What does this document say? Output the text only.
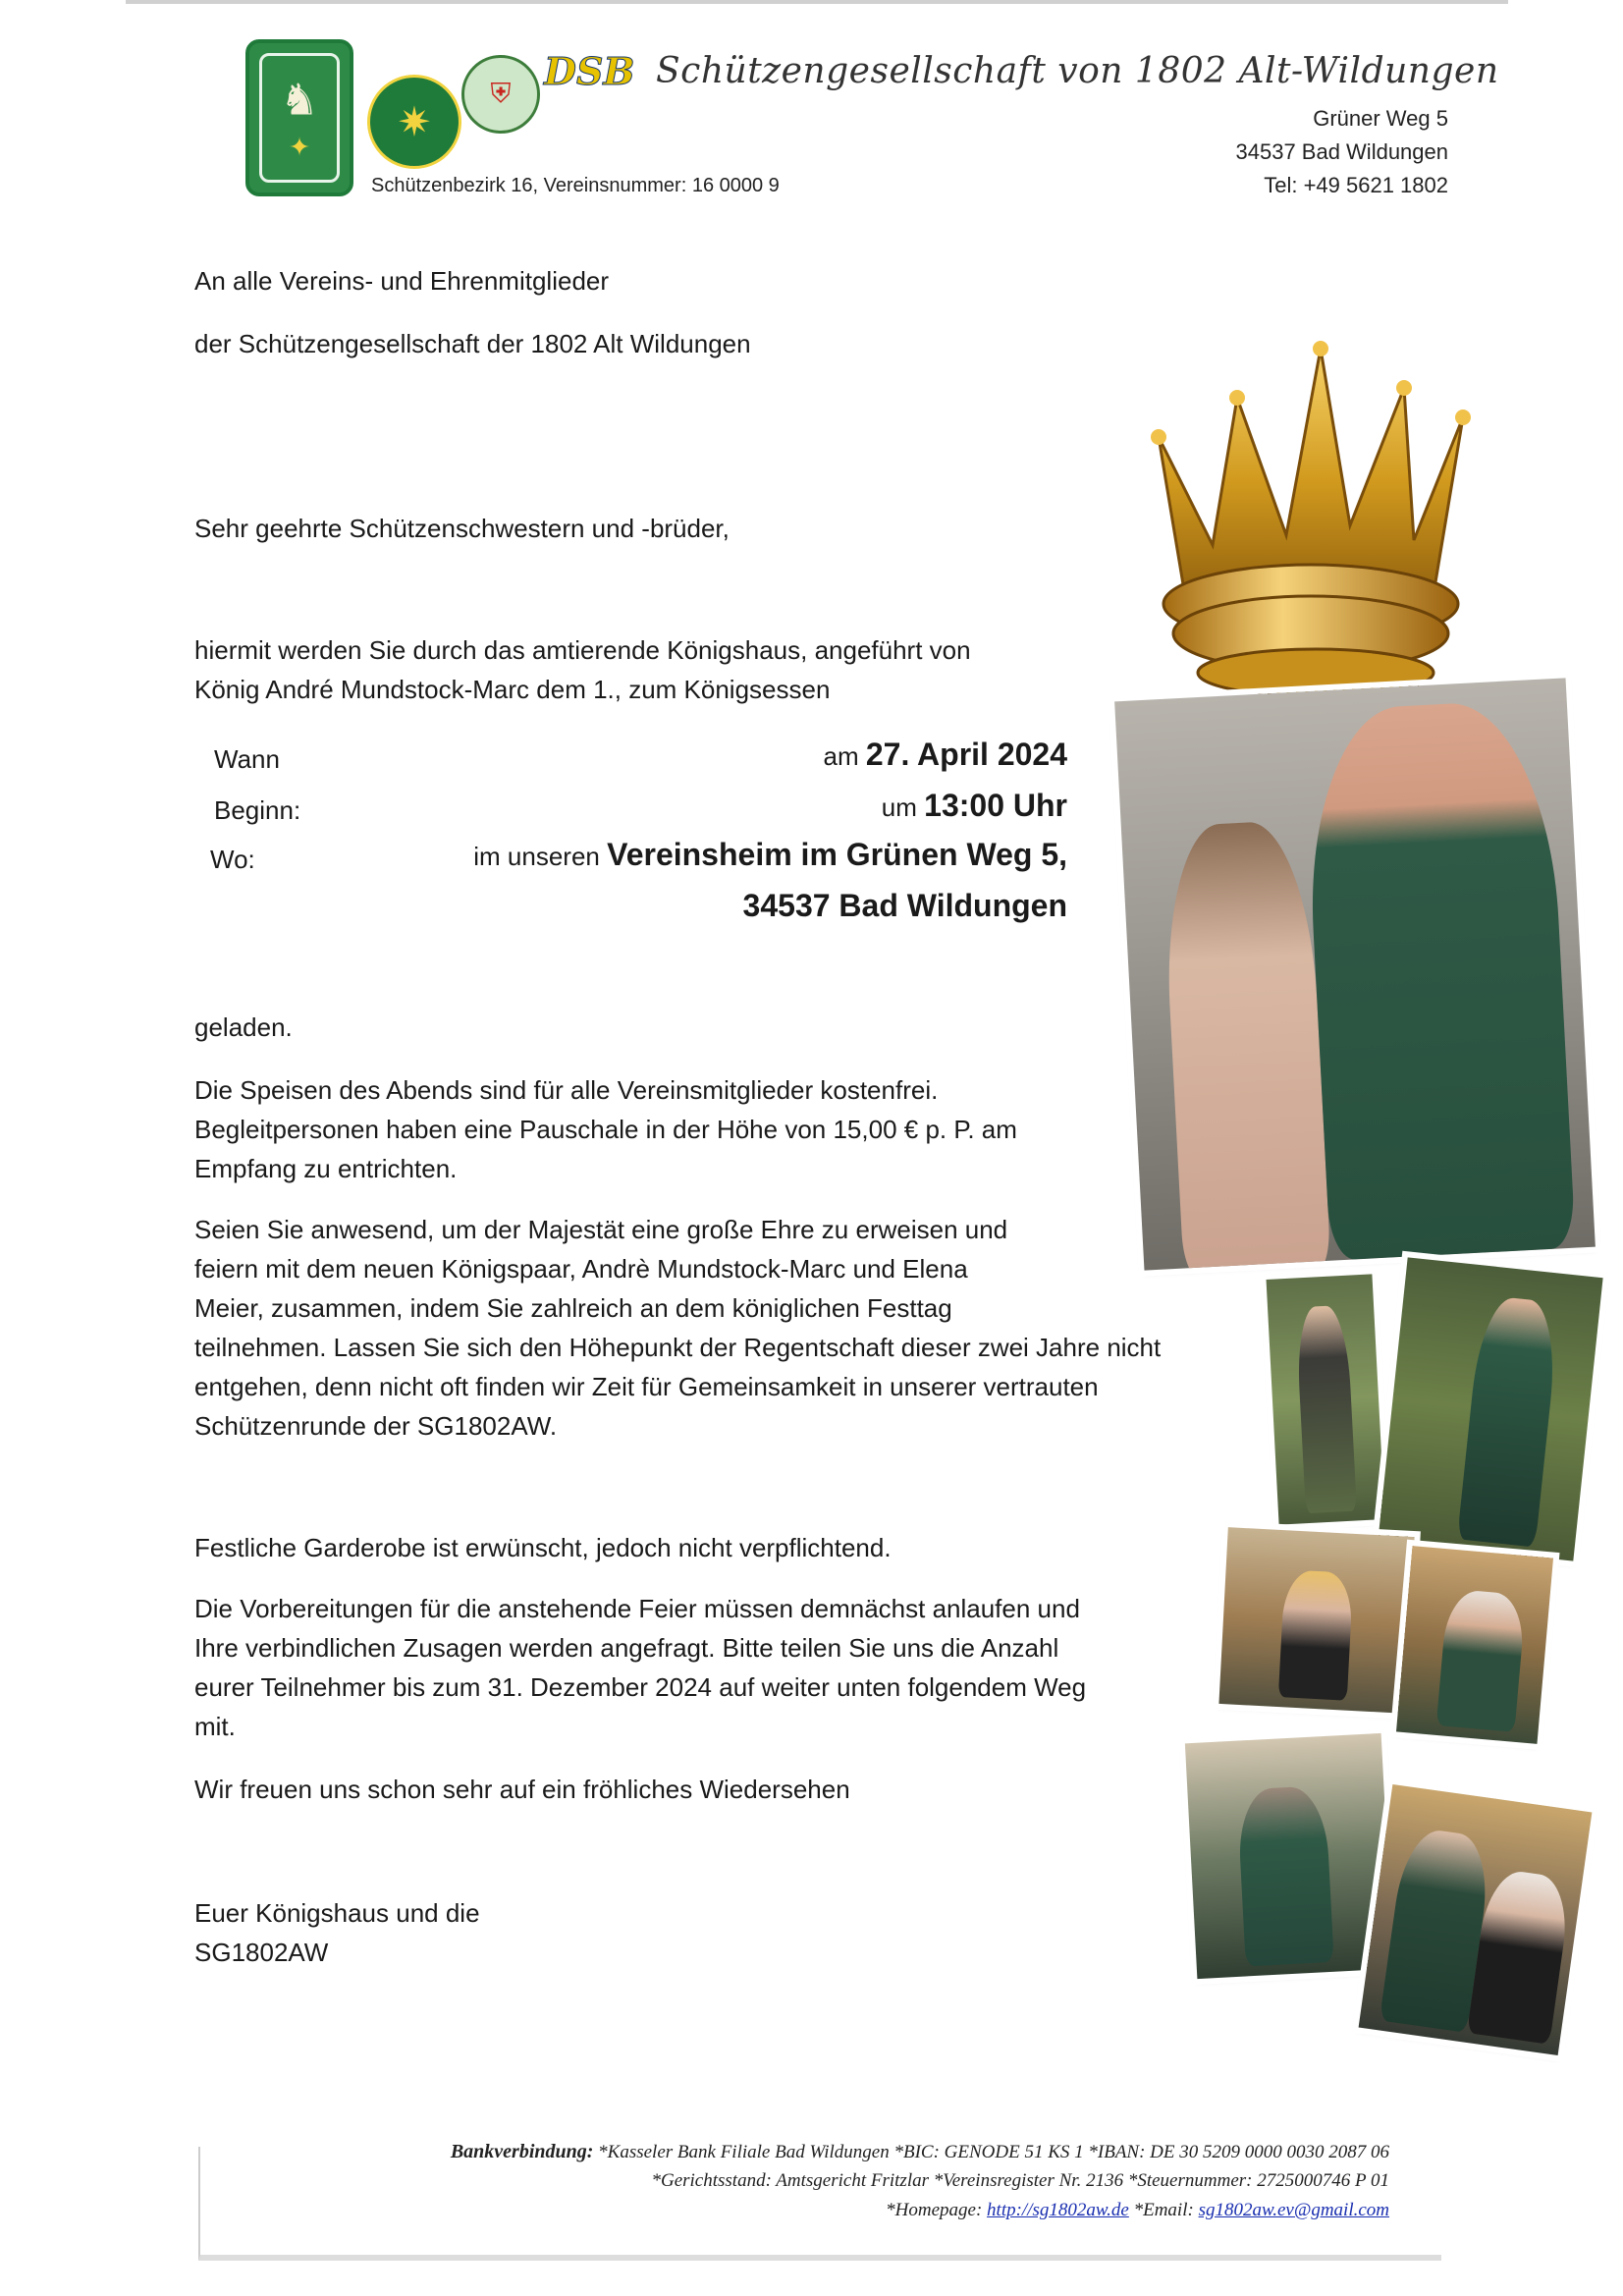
♞
✦
✷
⛨ DSB Schützengesellschaft von 1802 Alt-Wildungen
Grüner Weg 5
34537 Bad Wildungen
Tel: +49 5621 1802
Schützenbezirk 16, Vereinsnummer: 16 0000 9
An alle Vereins- und Ehrenmitglieder
der Schützengesellschaft der 1802 Alt Wildungen
Sehr geehrte Schützenschwestern und -brüder,
hiermit werden Sie durch das amtierende Königshaus, angeführt von
König André Mundstock-Marc dem 1., zum Königsessen
Wann	am 27. April 2024
Beginn:	um 13:00 Uhr
Wo:	im unseren Vereinsheim im Grünen Weg 5,
34537 Bad Wildungen
geladen.
Die Speisen des Abends sind für alle Vereinsmitglieder kostenfrei.
Begleitpersonen haben eine Pauschale in der Höhe von 15,00 € p. P. am
Empfang zu entrichten.
Seien Sie anwesend, um der Majestät eine große Ehre zu erweisen und
feiern mit dem neuen Königspaar, Andrè Mundstock-Marc und Elena
Meier, zusammen, indem Sie zahlreich an dem königlichen Festtag
teilnehmen. Lassen Sie sich den Höhepunkt der Regentschaft dieser zwei Jahre nicht
entgehen, denn nicht oft finden wir Zeit für Gemeinsamkeit in unserer vertrauten
Schützenrunde der SG1802AW.
Festliche Garderobe ist erwünscht, jedoch nicht verpflichtend.
Die Vorbereitungen für die anstehende Feier müssen demnächst anlaufen und
Ihre verbindlichen Zusagen werden angefragt. Bitte teilen Sie uns die Anzahl
eurer Teilnehmer bis zum 31. Dezember 2024 auf weiter unten folgendem Weg
mit.
Wir freuen uns schon sehr auf ein fröhliches Wiedersehen
Euer Königshaus und die
SG1802AW
Bankverbindung: *Kasseler Bank Filiale Bad Wildungen *BIC: GENODE 51 KS 1 *IBAN: DE 30 5209 0000 0030 2087 06
*Gerichtsstand: Amtsgericht Fritzlar *Vereinsregister Nr. 2136 *Steuernummer: 2725000746 P 01
*Homepage: http://sg1802aw.de *Email: sg1802aw.ev@gmail.com
